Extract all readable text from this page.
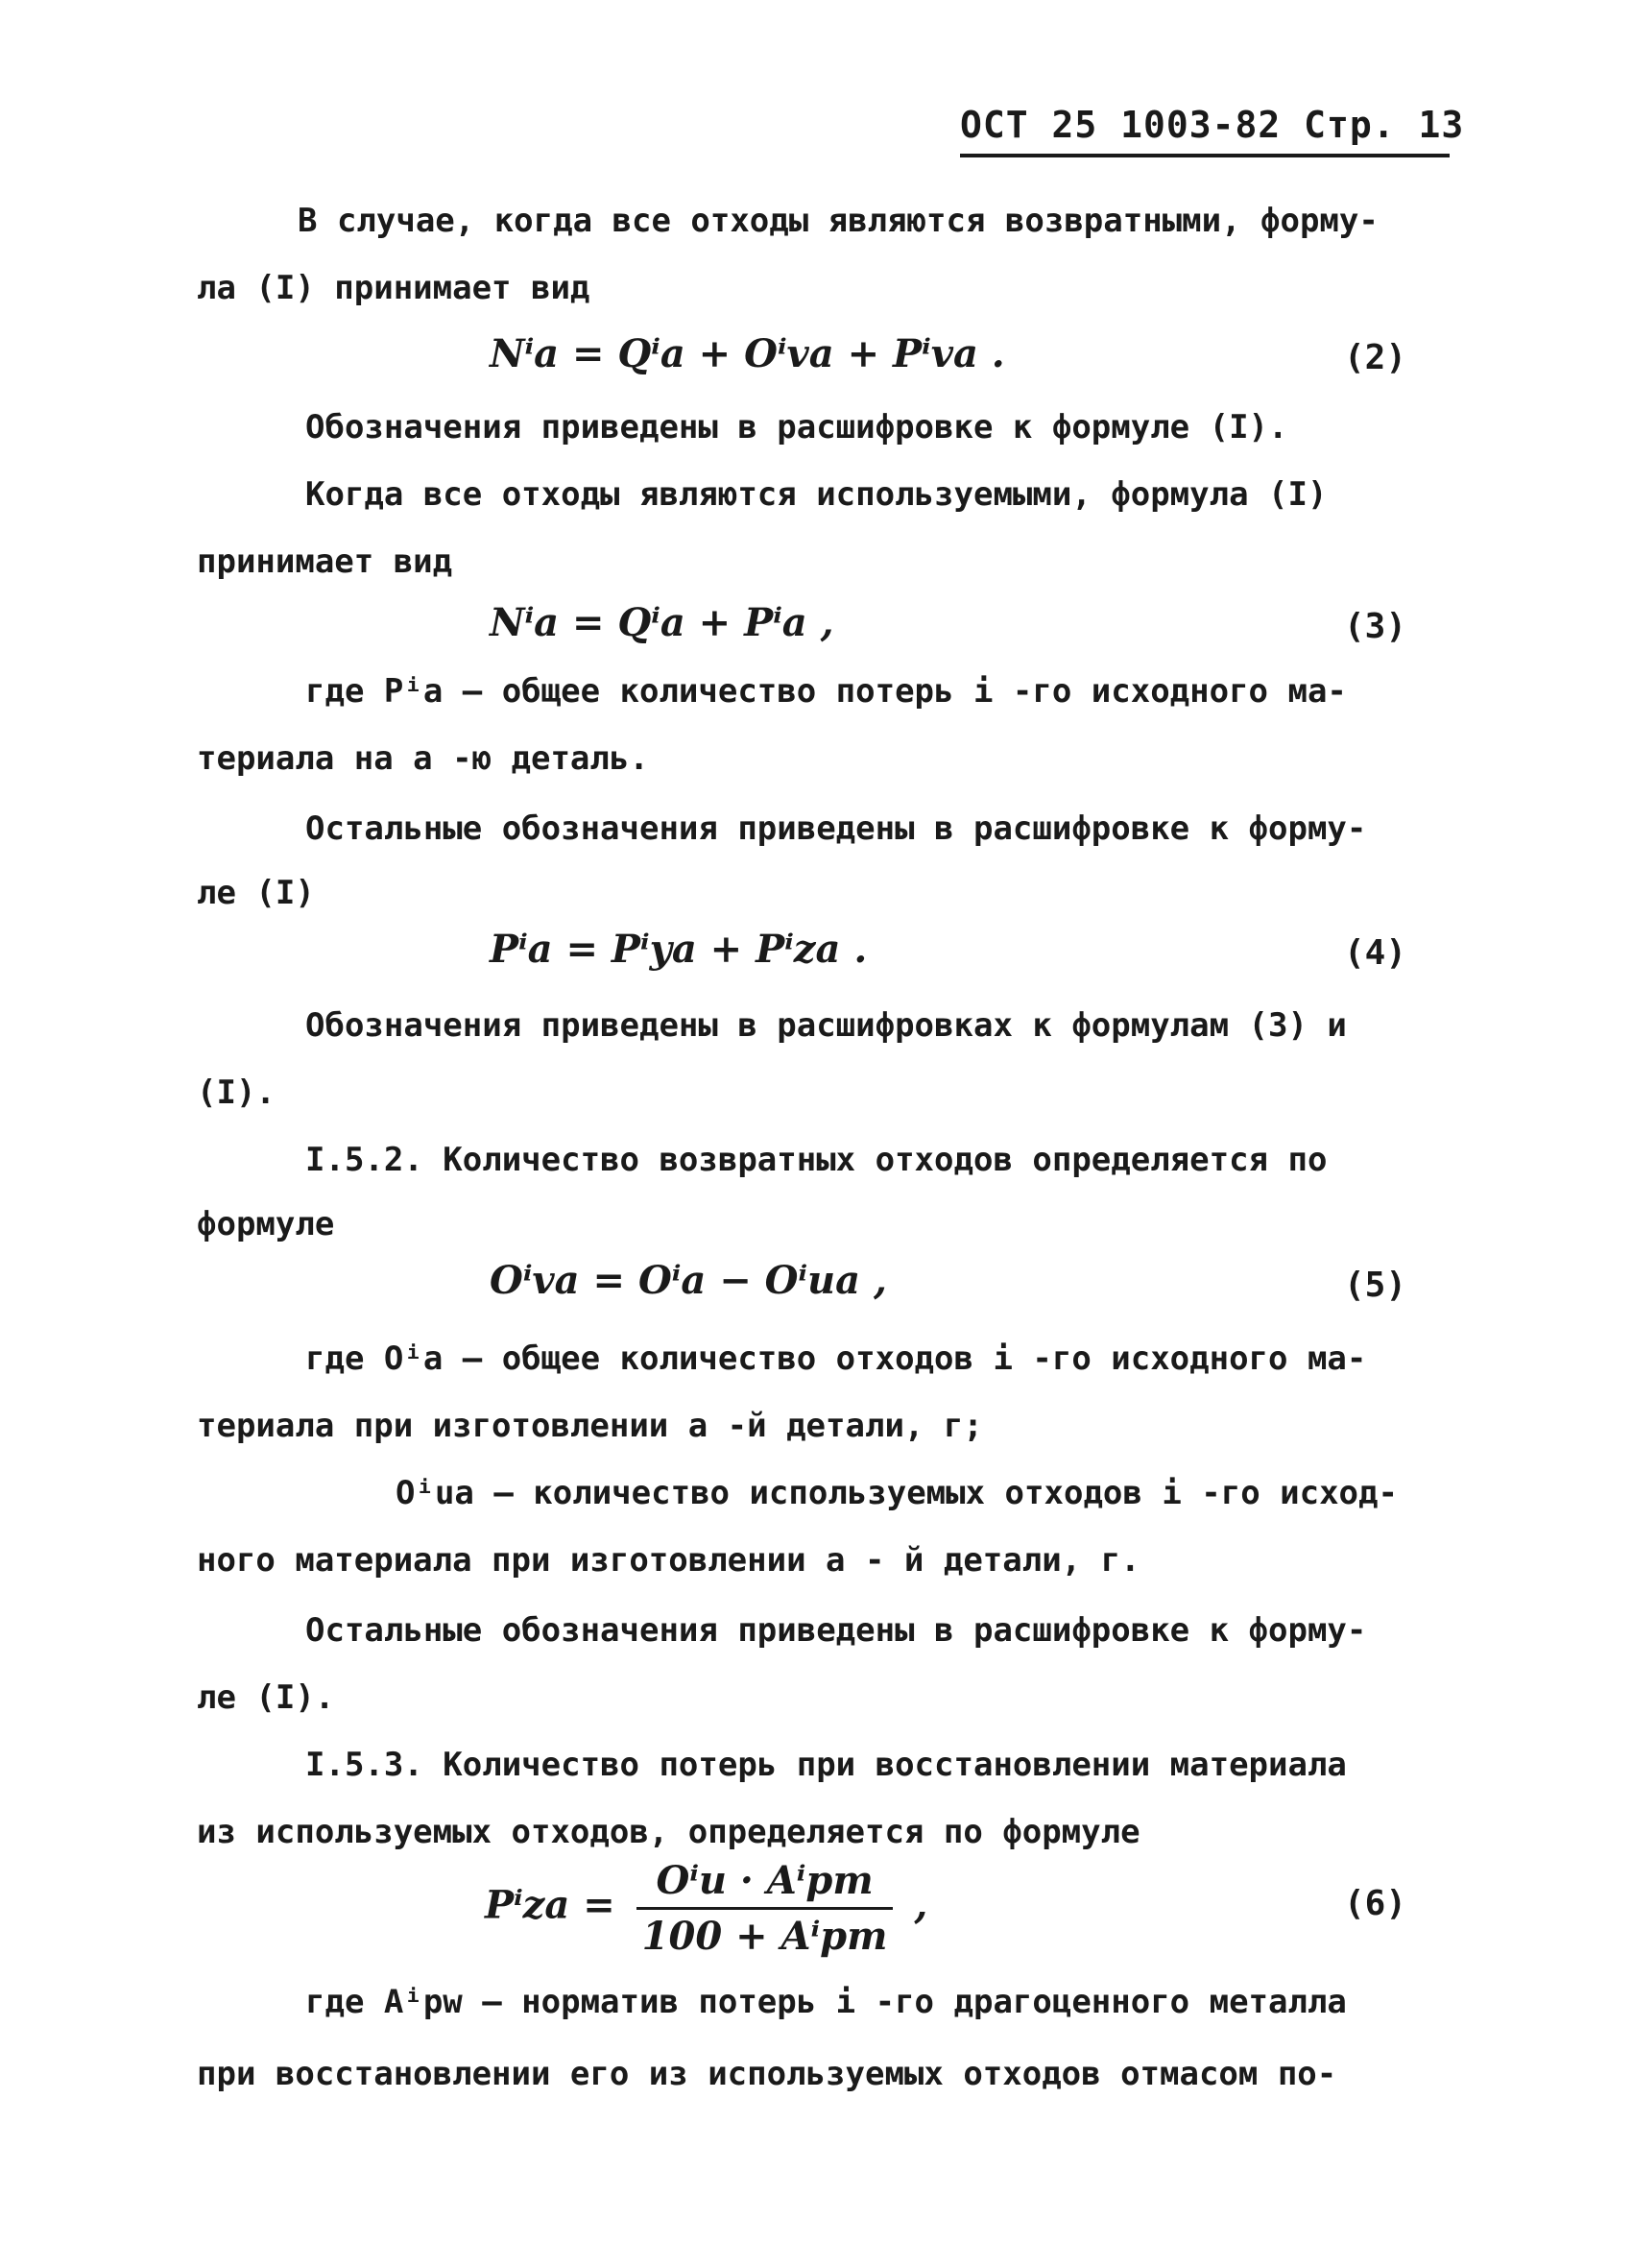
ОСТ 25 1003-82 Стр. 13
В случае, когда все отходы являются возвратными, форму-
ла (I) принимает вид
Nⁱa = Qⁱa + Oⁱva + Pⁱva .	(2)
Обозначения приведены в расшифровке к формуле (I).
Когда все отходы являются используемыми, формула (I)
принимает вид
Nⁱa = Qⁱa + Pⁱa ,	(3)
где Pⁱa – общее количество потерь i -го исходного ма-
териала на a -ю деталь.
Остальные обозначения приведены в расшифровке к форму-
ле (I)
Pⁱa = Pⁱya + Pⁱza .	(4)
Обозначения приведены в расшифровках к формулам (3) и
(I).
I.5.2. Количество возвратных отходов определяется по
формуле
Oⁱva = Oⁱa − Oⁱua ,	(5)
где Oⁱa – общее количество отходов i -го исходного ма-
териала при изготовлении a -й детали, г;
Oⁱua – количество используемых отходов i -го исход-
ного материала при изготовлении a - й детали, г.
Остальные обозначения приведены в расшифровке к форму-
ле (I).
I.5.3. Количество потерь при восстановлении материала
из используемых отходов, определяется по формуле
$P^iza = \frac{\text{Oⁱu · Aⁱpm}}{\text{100 + Aⁱpm}}$ ,	(6)
где Aⁱpw – норматив потерь i -го драгоценного металла
при восстановлении его из используемых отходов отмасом по-
